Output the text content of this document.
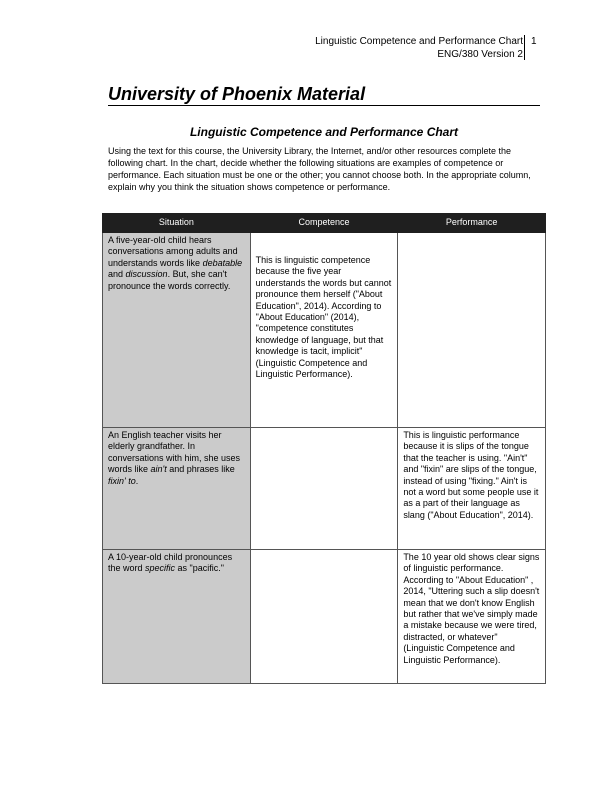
Linguistic Competence and Performance Chart
ENG/380 Version 2
1
University of Phoenix Material
Linguistic Competence and Performance Chart
Using the text for this course, the University Library, the Internet, and/or other resources complete the following chart. In the chart, decide whether the following situations are examples of competence or performance. Each situation must be one or the other; you cannot choose both. In the appropriate column, explain why you think the situation shows competence or performance.
Situation	Competence	Performance
A five-year-old child hears conversations among adults and understands words like debatable and discussion. But, she can't pronounce the words correctly.	This is linguistic competence because the five year understands the words but cannot pronounce them herself ("About Education", 2014). According to "About Education" (2014), "competence constitutes knowledge of language, but that knowledge is tacit, implicit" (Linguistic Competence and Linguistic Performance).	
An English teacher visits her elderly grandfather. In conversations with him, she uses words like ain't and phrases like fixin' to.		This is linguistic performance because it is slips of the tongue that the teacher is using. "Ain't" and "fixin" are slips of the tongue, instead of using "fixing." Ain't is not a word but some people use it as a part of their language as slang ("About Education", 2014).
A 10-year-old child pronounces the word specific as "pacific."		The 10 year old shows clear signs of linguistic performance. According to "About Education" , 2014, "Uttering such a slip doesn't mean that we don't know English but rather that we've simply made a mistake because we were tired, distracted, or whatever" (Linguistic Competence and Linguistic Performance).
